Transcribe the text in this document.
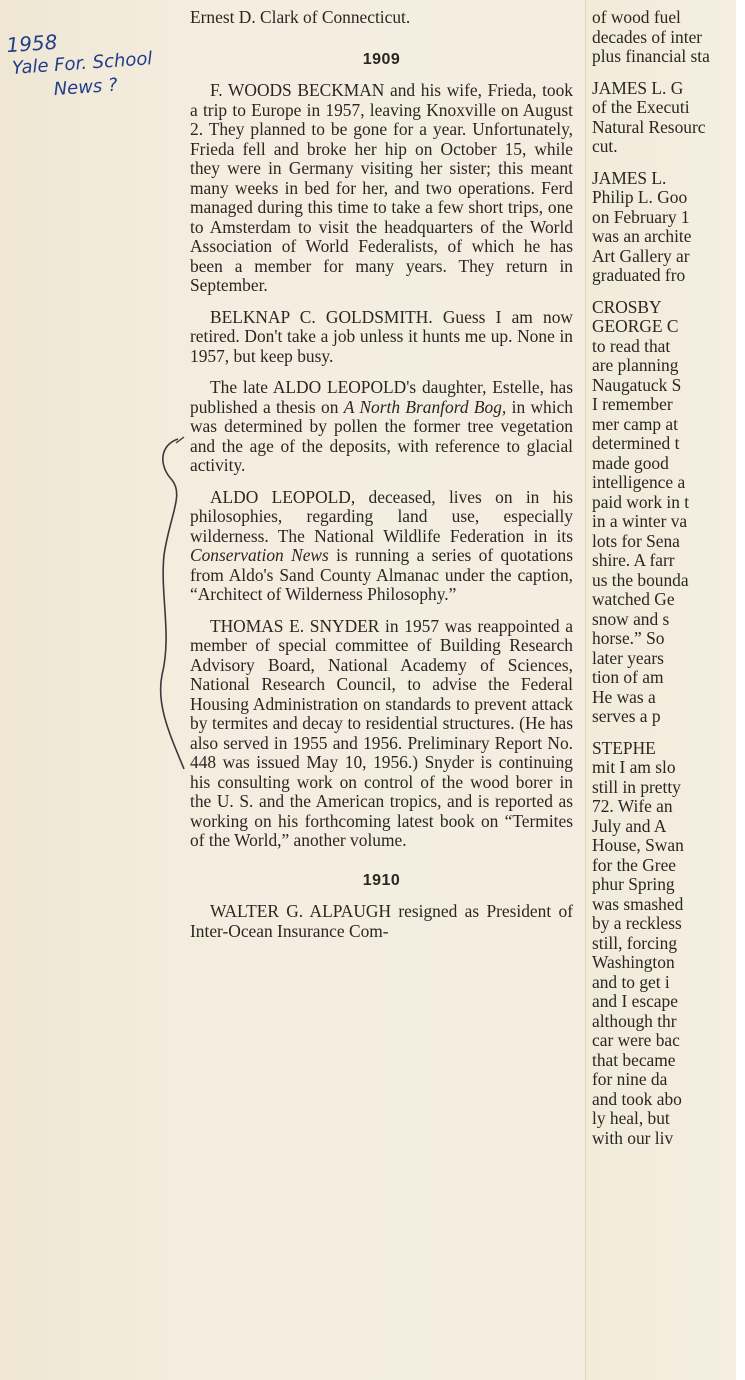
1958
Yale For. School
News ?

Ernest D. Clark of Connecticut.

1909

F. WOODS BECKMAN and his wife, Frieda, took a trip to Europe in 1957, leaving Knoxville on August 2. They planned to be gone for a year. Unfortunately, Frieda fell and broke her hip on October 15, while they were in Germany visiting her sister; this meant many weeks in bed for her, and two operations. Ferd managed during this time to take a few short trips, one to Amsterdam to visit the headquarters of the World Association of World Federalists, of which he has been a member for many years. They return in September.

BELKNAP C. GOLDSMITH. Guess I am now retired. Don't take a job unless it hunts me up. None in 1957, but keep busy.

The late ALDO LEOPOLD's daughter, Estelle, has published a thesis on A North Branford Bog, in which was determined by pollen the former tree vegetation and the age of the deposits, with reference to glacial activity.

ALDO LEOPOLD, deceased, lives on in his philosophies, regarding land use, especially wilderness. The National Wildlife Federation in its Conservation News is running a series of quotations from Aldo's Sand County Almanac under the caption, “Architect of Wilderness Philosophy.”

THOMAS E. SNYDER in 1957 was reappointed a member of special committee of Building Research Advisory Board, National Academy of Sciences, National Research Council, to advise the Federal Housing Administration on standards to prevent attack by termites and decay to residential structures. (He has also served in 1955 and 1956. Preliminary Report No. 448 was issued May 10, 1956.) Snyder is continuing his consulting work on control of the wood borer in the U. S. and the American tropics, and is reported as working on his forthcoming latest book on “Termites of the World,” another volume.

1910

WALTER G. ALPAUGH resigned as President of Inter-Ocean Insurance Com-

of wood fuel
decades of inter
plus financial sta
JAMES L. G
of the Executi
Natural Resourc
cut.
JAMES L.
Philip L. Goo
on February 1
was an archite
Art Gallery ar
graduated fro
CROSBY
GEORGE C
to read that
are planning
Naugatuck S
I remember
mer camp at
determined t
made good
intelligence a
paid work in t
in a winter va
lots for Sena
shire. A farr
us the bounda
watched Ge
snow and s
horse.” So
later years
tion of am
He was a
serves a p
STEPHE
mit I am slo
still in pretty
72. Wife an
July and A
House, Swan
for the Gree
phur Spring
was smashed
by a reckless
still, forcing
Washington
and to get i
and I escape
although thr
car were bac
that became
for nine da
and took abo
ly heal, but
with our liv
